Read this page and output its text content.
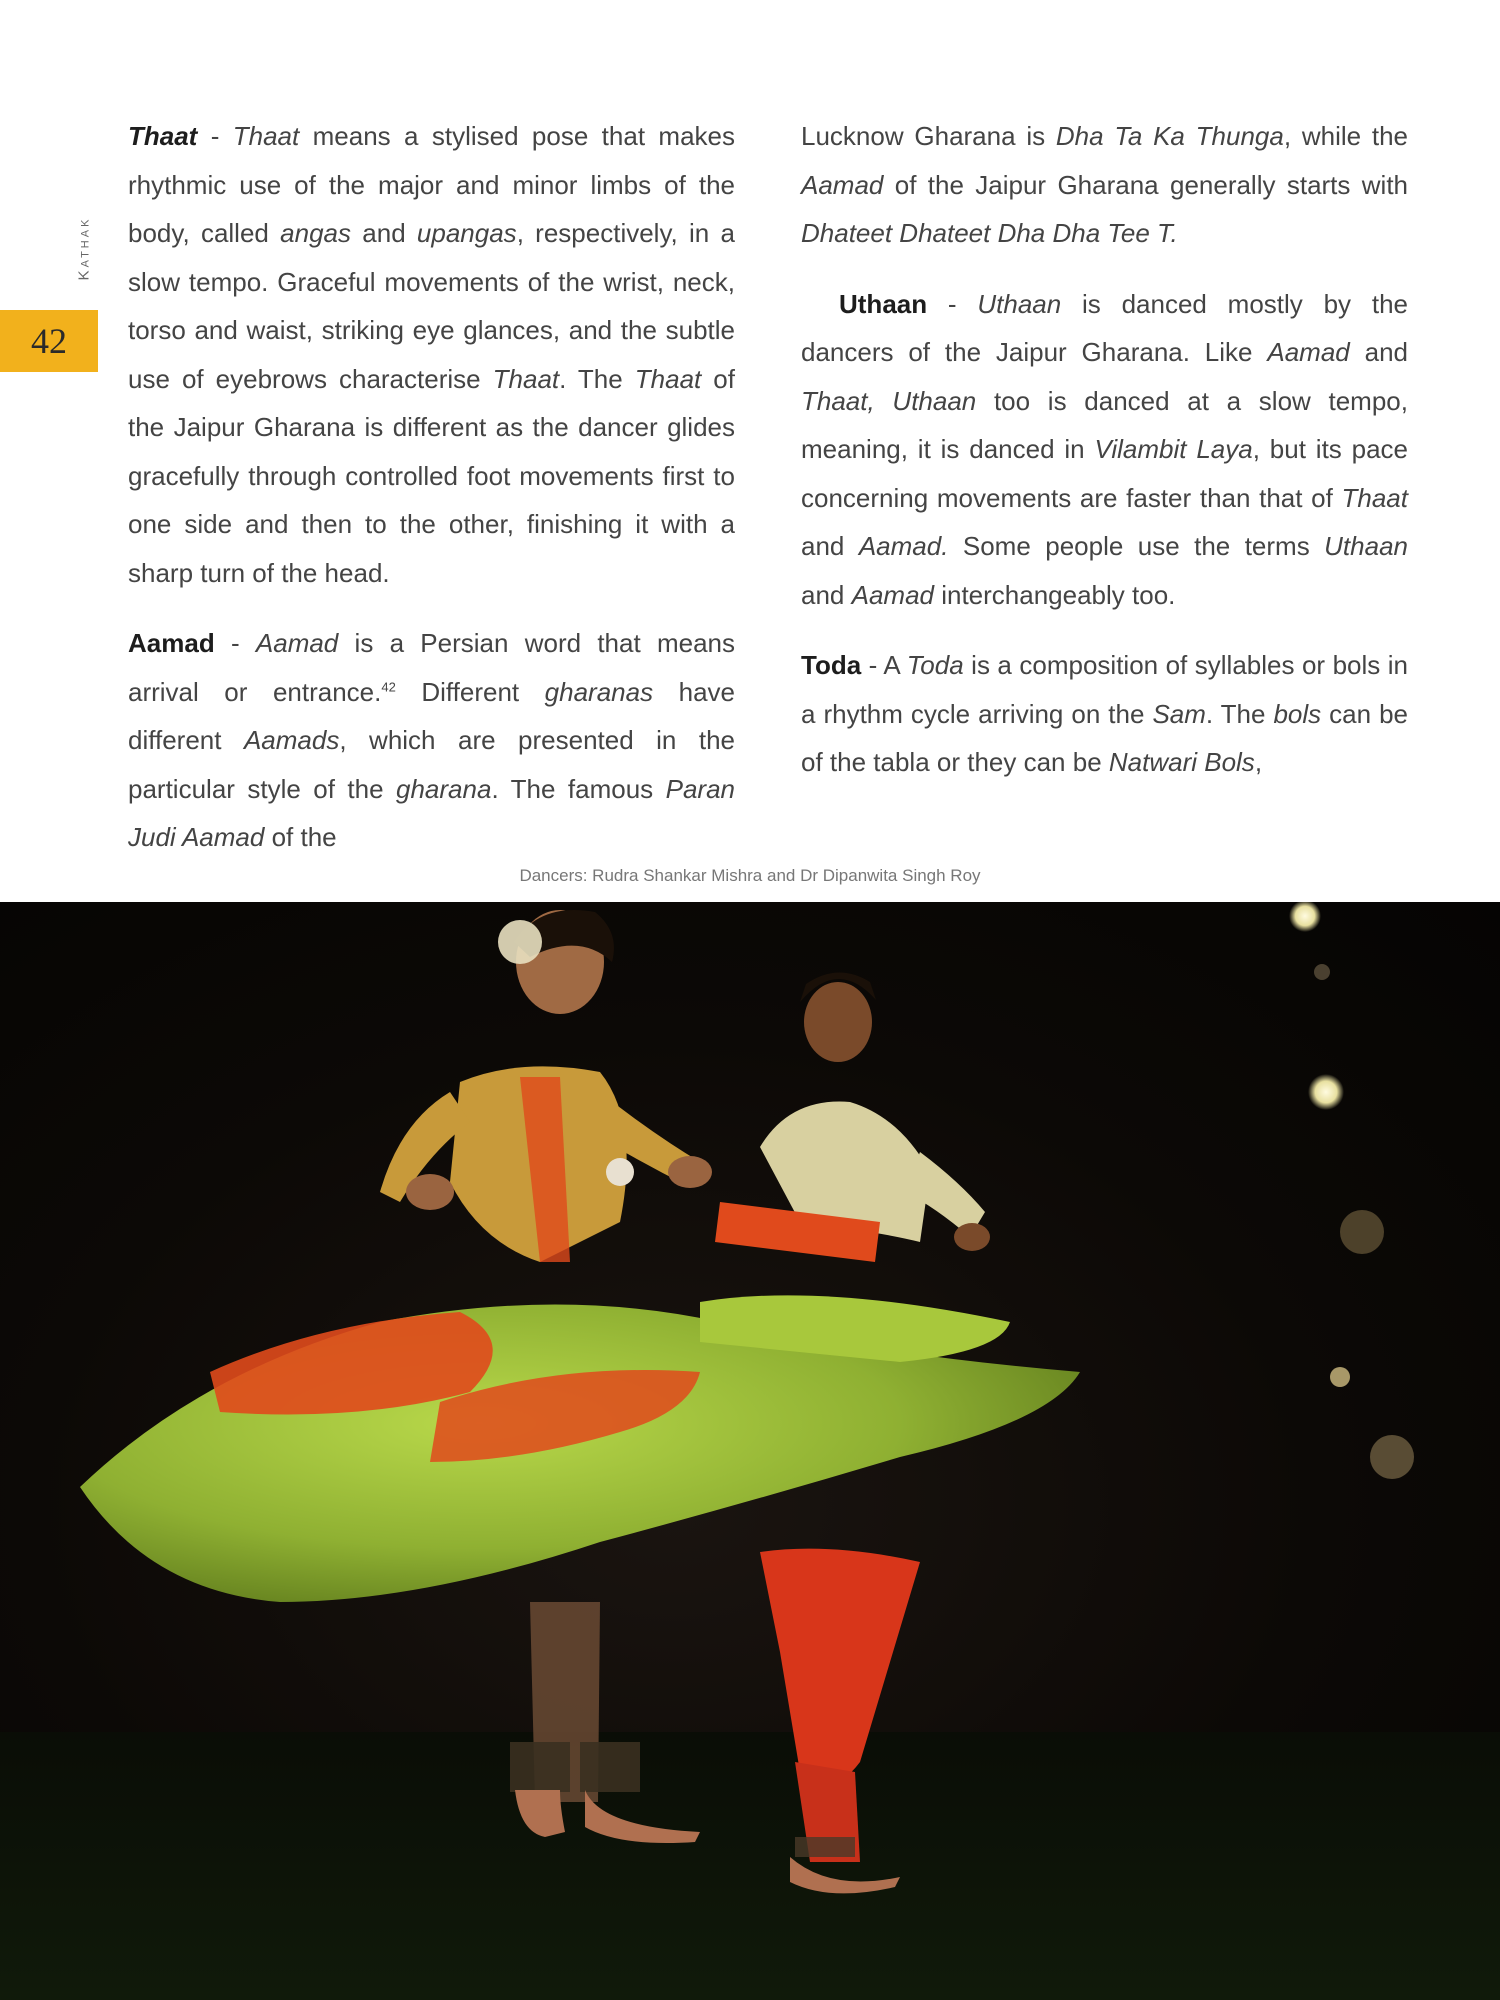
Kathak
42

Thaat - Thaat means a stylised pose that makes rhythmic use of the major and minor limbs of the body, called angas and upangas, respectively, in a slow tempo. Graceful movements of the wrist, neck, torso and waist, striking eye glances, and the subtle use of eyebrows characterise Thaat. The Thaat of the Jaipur Gharana is different as the dancer glides gracefully through controlled foot movements first to one side and then to the other, finishing it with a sharp turn of the head.

Aamad - Aamad is a Persian word that means arrival or entrance.$^{42}$ Different gharanas have different Aamads, which are presented in the particular style of the gharana. The famous Paran Judi Aamad of the

Lucknow Gharana is Dha Ta Ka Thunga, while the Aamad of the Jaipur Gharana generally starts with Dhateet Dhateet Dha Dha Tee T.

Uthaan - Uthaan is danced mostly by the dancers of the Jaipur Gharana. Like Aamad and Thaat, Uthaan too is danced at a slow tempo, meaning, it is danced in Vilambit Laya, but its pace concerning movements are faster than that of Thaat and Aamad. Some people use the terms Uthaan and Aamad interchangeably too.

Toda - A Toda is a composition of syllables or bols in a rhythm cycle arriving on the Sam. The bols can be of the tabla or they can be Natwari Bols,

Dancers: Rudra Shankar Mishra and Dr Dipanwita Singh Roy
